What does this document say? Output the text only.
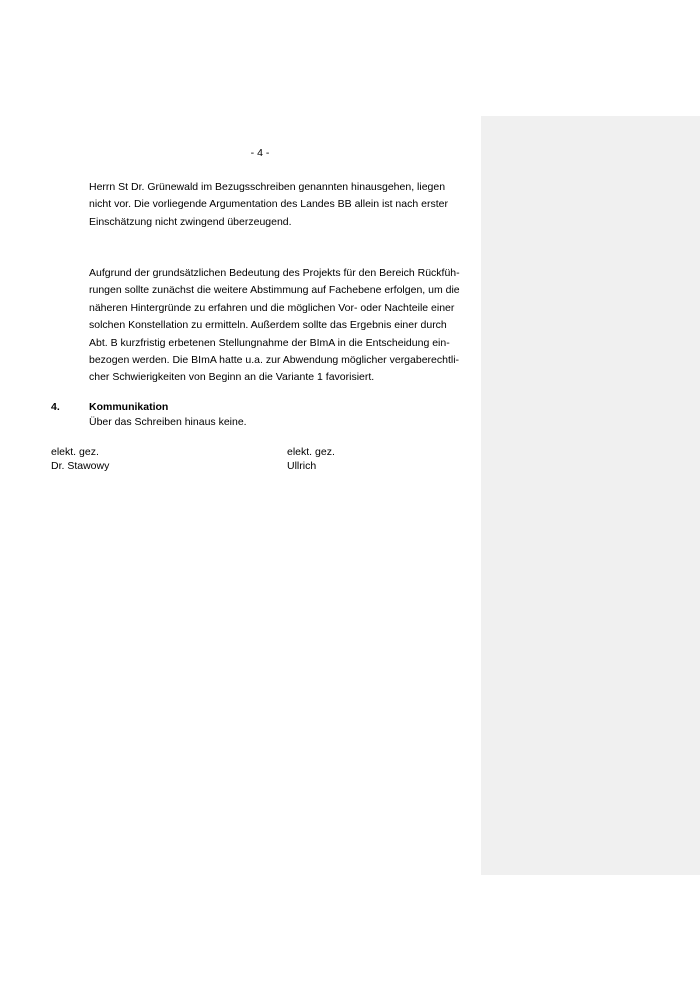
- 4 -

Herrn St Dr. Grünewald im Bezugsschreiben genannten hinausgehen, liegen
nicht vor. Die vorliegende Argumentation des Landes BB allein ist nach erster
Einschätzung nicht zwingend überzeugend.

Aufgrund der grundsätzlichen Bedeutung des Projekts für den Bereich Rückfüh-
rungen sollte zunächst die weitere Abstimmung auf Fachebene erfolgen, um die
näheren Hintergründe zu erfahren und die möglichen Vor- oder Nachteile einer
solchen Konstellation zu ermitteln. Außerdem sollte das Ergebnis einer durch
Abt. B kurzfristig erbetenen Stellungnahme der BImA in die Entscheidung ein-
bezogen werden. Die BImA hatte u.a. zur Abwendung möglicher vergaberechtli-
cher Schwierigkeiten von Beginn an die Variante 1 favorisiert.

4.	Kommunikation
Über das Schreiben hinaus keine.
elekt. gez.
Dr. Stawowy
elekt. gez.
Ullrich
